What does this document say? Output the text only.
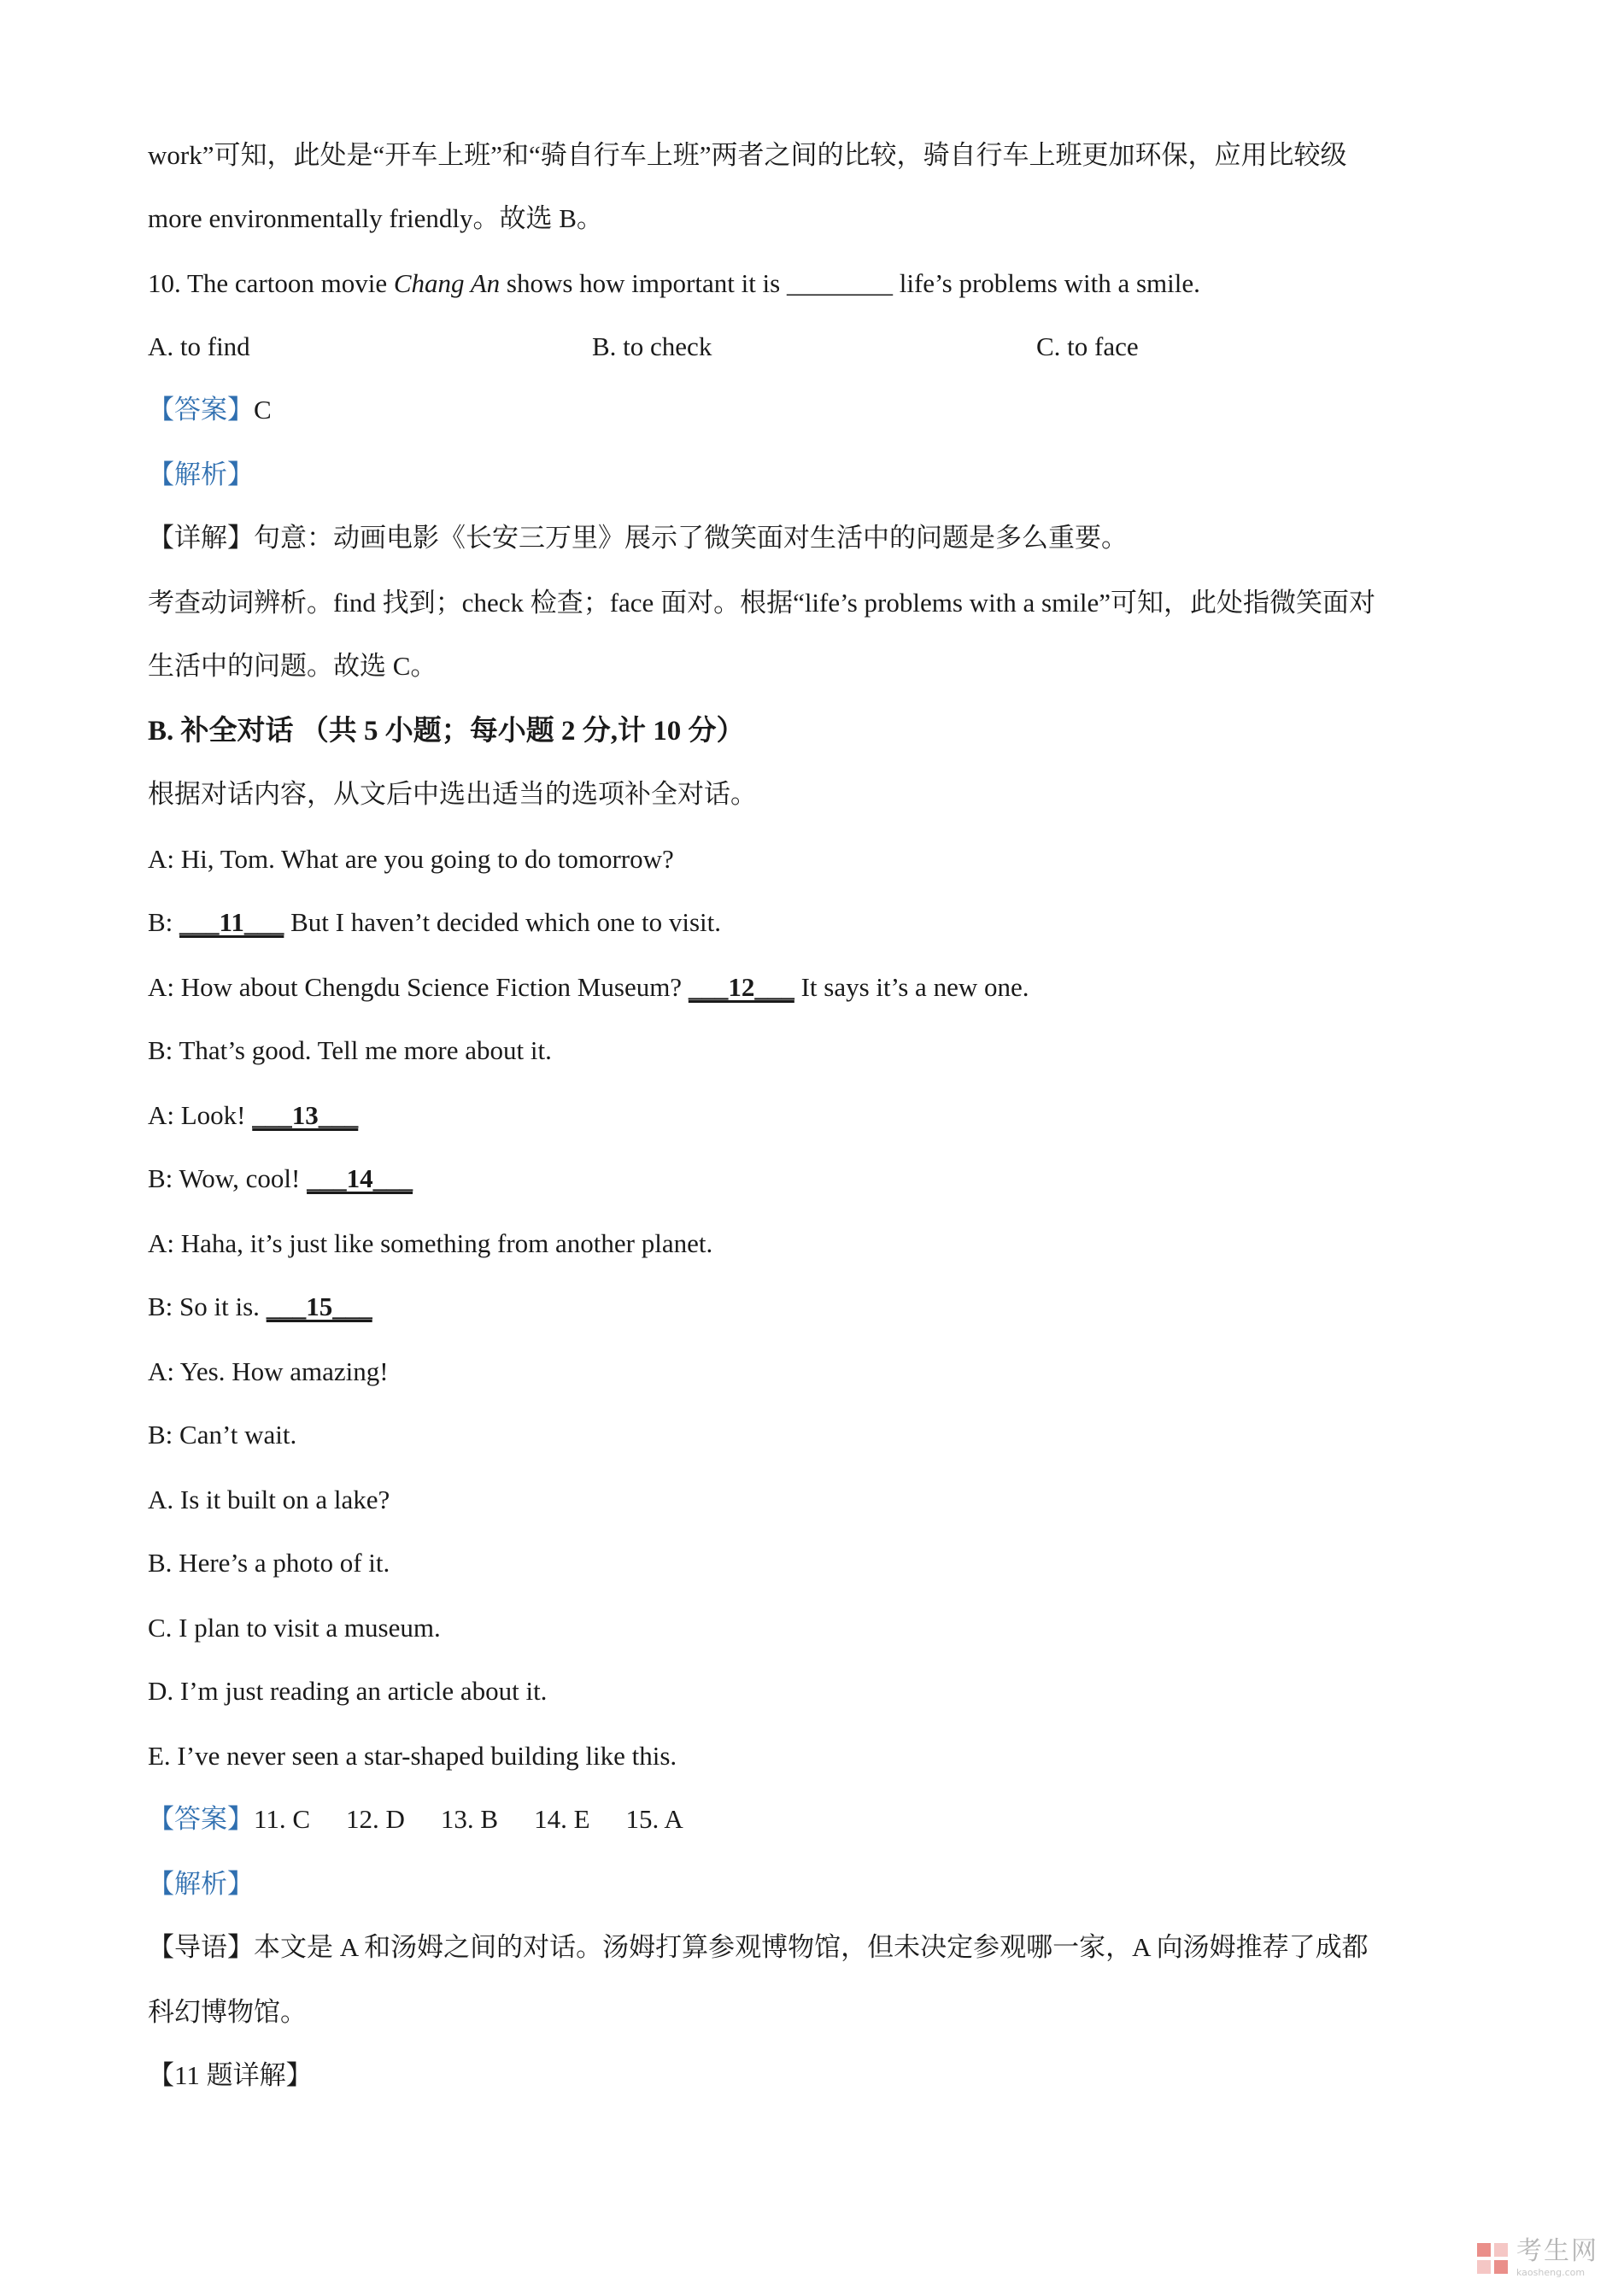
work”可知，此处是“开车上班”和“骑自行车上班”两者之间的比较，骑自行车上班更加环保，应用比较级
more environmentally friendly。故选 B。
10. The cartoon movie Chang An shows how important it is ________ life’s problems with a smile.
A. to find	B. to check	C. to face
【答案】C
【解析】
【详解】句意：动画电影《长安三万里》展示了微笑面对生活中的问题是多么重要。
考查动词辨析。find 找到；check 检查；face 面对。根据“life’s problems with a smile”可知，此处指微笑面对
生活中的问题。故选 C。
B. 补全对话 （共 5 小题；每小题 2 分,计 10 分）
根据对话内容，从文后中选出适当的选项补全对话。
A: Hi, Tom. What are you going to do tomorrow?
B: ___11___ But I haven’t decided which one to visit.
A: How about Chengdu Science Fiction Museum? ___12___ It says it’s a new one.
B: That’s good. Tell me more about it.
A: Look! ___13___
B: Wow, cool! ___14___
A: Haha, it’s just like something from another planet.
B: So it is. ___15___
A: Yes. How amazing!
B: Can’t wait.
A. Is it built on a lake?
B. Here’s a photo of it.
C. I plan to visit a museum.
D. I’m just reading an article about it.
E. I’ve never seen a star-shaped building like this.
【答案】11. C 12. D 13. B 14. E 15. A
【解析】
【导语】本文是 A 和汤姆之间的对话。汤姆打算参观博物馆，但未决定参观哪一家，A 向汤姆推荐了成都
科幻博物馆。
【11 题详解】
考生网
kaosheng.com
